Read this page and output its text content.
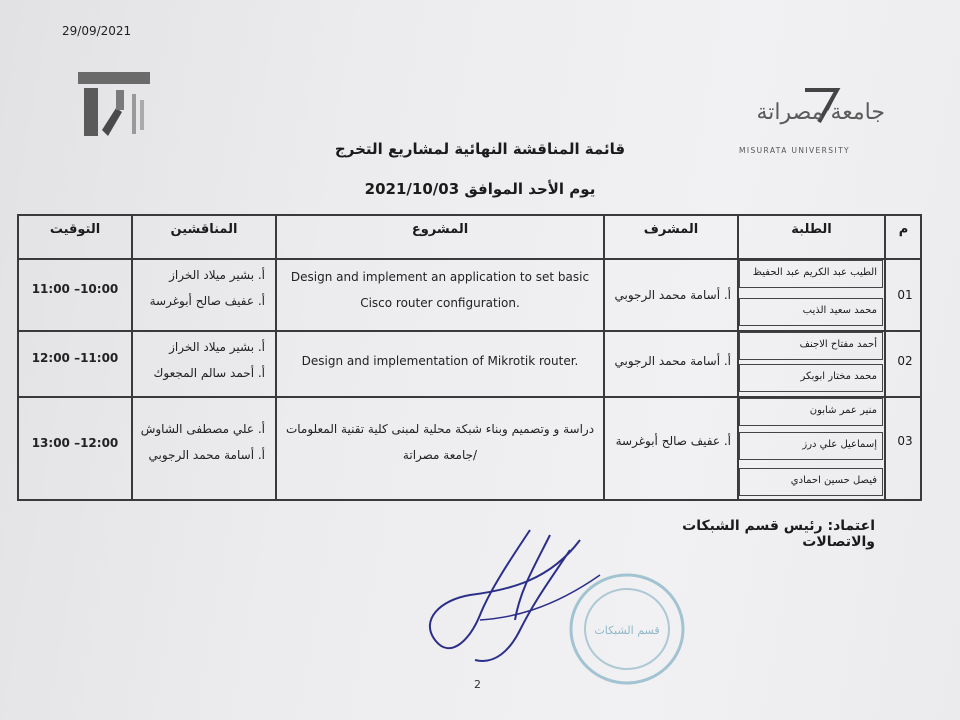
29/09/2021
جامعة مصراتة
MISURATA UNIVERSITY
قائمة المناقشة النهائية لمشاريع التخرج
يوم الأحد الموافق 2021/10/03
م
الطلبة
المشرف
المشروع
المناقشين
التوقيت
01
الطيب عبد الكريم عبد الحفيظ
محمد سعيد الذيب
أ. أسامة محمد الرجوبي
Design and implement an application to set basic
Cisco router configuration.
أ. بشير ميلاد الخراز
أ. عفيف صالح أبوغرسة
11:00 –10:00
02
أحمد مفتاح الاجنف
محمد مختار ابوبكر
أ. أسامة محمد الرجوبي
Design and implementation of Mikrotik router.
أ. بشير ميلاد الخراز
أ. أحمد سالم المجعوك
12:00 –11:00
03
منير عمر شابون
إسماعيل علي درز
فيصل حسين احمادي
أ. عفيف صالح أبوغرسة
دراسة و وتصميم وبناء شبكة محلية لمبنى كلية تقنية المعلومات
/جامعة مصراتة
أ. علي مصطفى الشاوش
أ. أسامة محمد الرجوبي
13:00 –12:00
اعتماد: رئيس قسم الشبكات والاتصالات
قسم الشبكات
2
